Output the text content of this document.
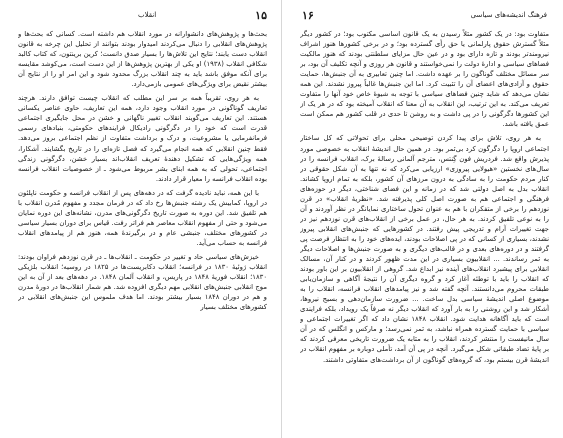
انقلاب	۱۵

بحث‌ها و پژوهش‌های دانشوارانه در مورد انقلاب هم داشته است. کسانی که بحث‌ها و پژوهش‌های انقلابی را دنبال می‌کردند امیدوار بودند بتوانند از تحلیل این چرخه به قانون انقلاب دست یابند؛ نتایج این تلاش‌ها را بسیار صدق دانست؛ کرین برینتون، که کتاب کالبد شکافی انقلاب (۱۹۳۸) او یکی از بهترین پژوهش‌ها از این دست است، می‌کوشد مقایسه برای آنکه موفق باشد باید به چند انقلاب بزرگ محدود شود و این امر او را از نتایج آن بیشتر نقیض برای ویژگی‌های عمومی بازمی‌دارد.

به هر روی، تقریباً همه بر سر این مطلب که انقلاب چیست توافق دارند. هرچند تعاریف گوناگونی در مورد انقلاب وجود دارد، همه این تعاریف، حاوی عناصر یکسانی هستند. این تعاریف می‌گویند انقلاب تغییر ناگهانی و خشن در محل جایگیری اجتماعی قدرت است که خود را در دگرگونی رادیکال فرایندهای حکومتی، بنیادهای رسمی فرمانفرمایی یا مشروعیت، و درک و برداشت متفاوت از نظم اجتماعی بروز می‌دهد. فقط چنین انقلابی که همه انجام می‌گیرد که فصل تازه‌ای را در تاریخ بگشایند. آشکارا، همه ویژگی‌هایی که تشکیل دهندهٔ تعریف انقلاب‌اند بسیار خشن، دگرگونی زندگی اجتماعی، تحولی که به همه ابنای بشر مربوط می‌شود ـ از خصوصیات انقلاب فرانسه بوده انقلاب فرانسه را معیار قرار دادند.

با این همه، نباید نادیده گرفت که در دهه‌های پس از انقلاب فرانسه و حکومت ناپلئون در اروپا، کمابیش یک رشته جنبش‌ها رخ داد که در فرمان مجدد و مفهوم مُدرن انقلاب با هم تلفیق شد. این دوره به صورت تاریخ دگرگونی‌های مدرن، نشانه‌های این دوره نمایان می‌شود و حتی از مفهوم انقلاب معاصر هم فراتر رفت. قیاس برای دوران بسیار سیاسی در کشورهای مختلف، جنبشی عام و در برگیرندهٔ همه، هنوز هم از پیامدهای انقلاب فرانسه به حساب می‌آید.

خیزش‌های سیاسی حاد و تغییر در حکومت ـ انقلاب‌ها ـ در قرن نوزدهم فراوان بودند: انقلاب ژوئیهٔ ۱۸۳۰ در فرانسه؛ انقلاب دکابریست‌ها در ۱۸۲۵ در روسیه؛ انقلاب بلژیکی ۱۸۳۰؛ انقلاب فوریهٔ ۱۸۴۸ در پاریس، و انقلاب آلمان ۱۸۴۸. در دهه‌های بعد از آن به این موج انقلابی جنبش‌های انقلابی مهم دیگری افزوده شد. هم شمار انقلاب‌ها در دورهٔ مدرن و هم در دوران ۱۸۴۸ بسیار بیشتر بودند. اما هدف ملموس این جنبش‌های انقلابی در کشورهای مختلف بسیار

۱۶	فرهنگ اندیشه‌های سیاسی

متفاوت بود: در یک کشور مثلاً رسیدن به یک قانون اساسی مکتوب بود؛ در کشور دیگر مثلاً گسترش حقوق پارلمانی یا حق رأی گسترده بود؛ و در برخی کشورها هنوز اشراف نیرومندتر بودند و تازه دارای بود و در عین حال مزایای سلطنتی بودند که هنوز مالکیت فضاهای سیاسی و ادارهٔ دولت را نمی‌خواستند و قانون هر روزی و آنچه تکلیف آن بود، بر سر مسائل مختلف گوناگون را بر عهده داشت. اما چنین تعابیری به آن جنبش‌ها، حمایت حقوق و آزادی‌های اعضای آن را تثبیت کرد. اما این جنبش‌ها غالباً پیروز نشدند. این همه نشان می‌دهد که شاید چنین فضاهای سیاسی با توجه به شیوهٔ خاص خود آنها را متفاوت تعریف می‌کند. به این ترتیب، این انقلاب به آن معنا که انقلاب آمیخته بود که در هر یک از این کشورها دگرگونی را در پی داشت و به روشن تا حدی در قلب کشور هم ممکن است عمق یافته باشد.

به هر روی، تلاش برای پیدا کردن توضیحی محلی برای تحولاتی که کل ساختار اجتماعی اروپا را دگرگون کرد بی‌ثمر بود. در همین حال اندیشهٔ انقلاب به خصوصی مورد پذیرش واقع شد. فردریش فون گِنتس، مترجم آلمانی رسالهٔ برک، انقلاب فرانسه را در سال‌های نخستین «هیولایی پیروزی» ارزیابی می‌کرد که نه تنها به آن شکل حقوقی در کنار مردم حکومت را به سادگی به درون مرزهای آن کشور، بلکه به تمام اروپا کشاند. انقلاب بدل به اصل دولتی شد که در زمانه و این فضای شناختی، دیگر در حوزه‌های فرهنگی و اجتماعی هم به صورت اصل کلی پذیرفته شد. «نظریهٔ انقلاب» در قرن نوزدهم را برخی از متفکران با هم به عنوان تحول ساختاری نمایانگر در نظر آوردند و آن را به نوعی تلفیق کردند. به هر حال، در عمل برخی از انقلاب‌های قرن نوزدهم نیز در جهت تغییرات آرام و تدریجی پیش رفتند. در کشورهایی که جنبش‌های انقلابی پیروز نشدند، بسیاری از کسانی که در پی اصلاحات بودند، ایده‌های خود را به انتظار فرصت پی گرفتند و در دوره‌های بعدی و در قالب‌های دیگری و به صورت جنبش‌ها و اصلاحات دیگر به ثمر رساندند. ... انقلابیون بسیاری در این مدت ظهور کردند و در کنار آن، مسالک انقلابی برای پیشبرد انقلاب‌های آینده نیز ابداع شد. گروهی از انقلابیون بر این باور بودند که انقلاب را باید با توطئه آغاز کرد و گروه دیگری آن را نتیجهٔ آگاهی و سازمان‌یابی طبقات محروم می‌دانستند. آنچه گفته شد و نیز پیامدهای انقلاب فرانسه، انقلاب را به موضوع اصلی اندیشهٔ سیاسی بدل ساخت. ... ضرورت سازمان‌دهی و بسیج نیروها، آشکار شد و این روشنی را به بار آورد که انقلاب دیگر نه صرفاً یک رویداد، بلکه فرایندی است که باید آگاهانه هدایت شود. انقلاب ۱۸۴۸ نشان داد که اگر تغییرات اجتماعی و سیاسی با حمایت گسترده همراه نباشد، به ثمر نمی‌رسد؛ و مارکس و انگلس که در آن سال مانیفست را منتشر کردند، انقلاب را به مثابه یک ضرورت تاریخی معرفی کردند که بر پایهٔ تضاد طبقاتی شکل می‌گیرد. آنچه در پی آن آمد، تأملی دوباره بر مفهوم انقلاب در اندیشهٔ قرن بیستم بود، که گروه‌های گوناگون از آن برداشت‌های متفاوتی داشتند.
